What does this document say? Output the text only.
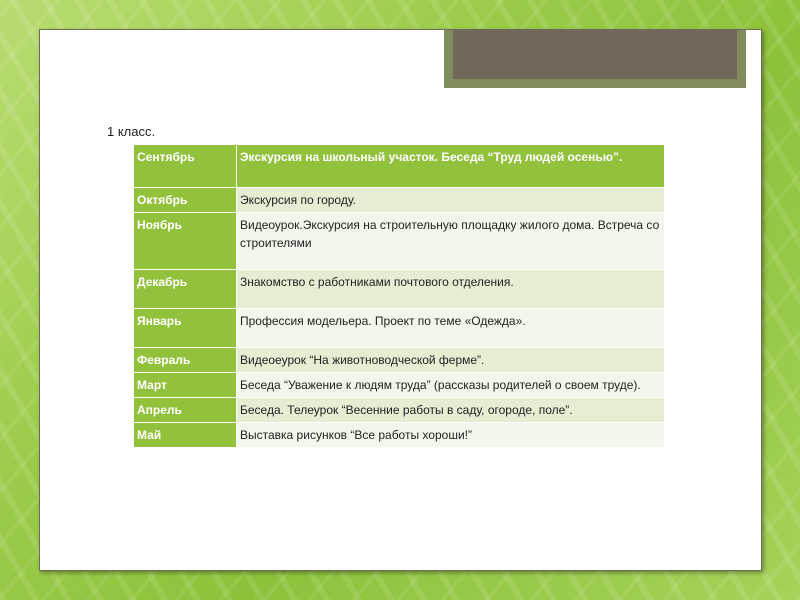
1 класс.
Сентябрь	Экскурсия на школьный участок. Беседа “Труд людей осенью”.
Октябрь	Экскурсия по городу.
Ноябрь	Видеоурок.Экскурсия на строительную площадку жилого дома. Встреча со строителями
Декабрь	Знакомство с работниками почтового отделения.
Январь	Профессия модельера. Проект по теме «Одежда».
Февраль	Видеоеурок “На животноводческой ферме”.
Март	Беседа “Уважение к людям труда” (рассказы родителей о своем труде).
Апрель	Беседа. Телеурок “Весенние работы в саду, огороде, поле”.
Май	Выставка рисунков “Все работы хороши!”
